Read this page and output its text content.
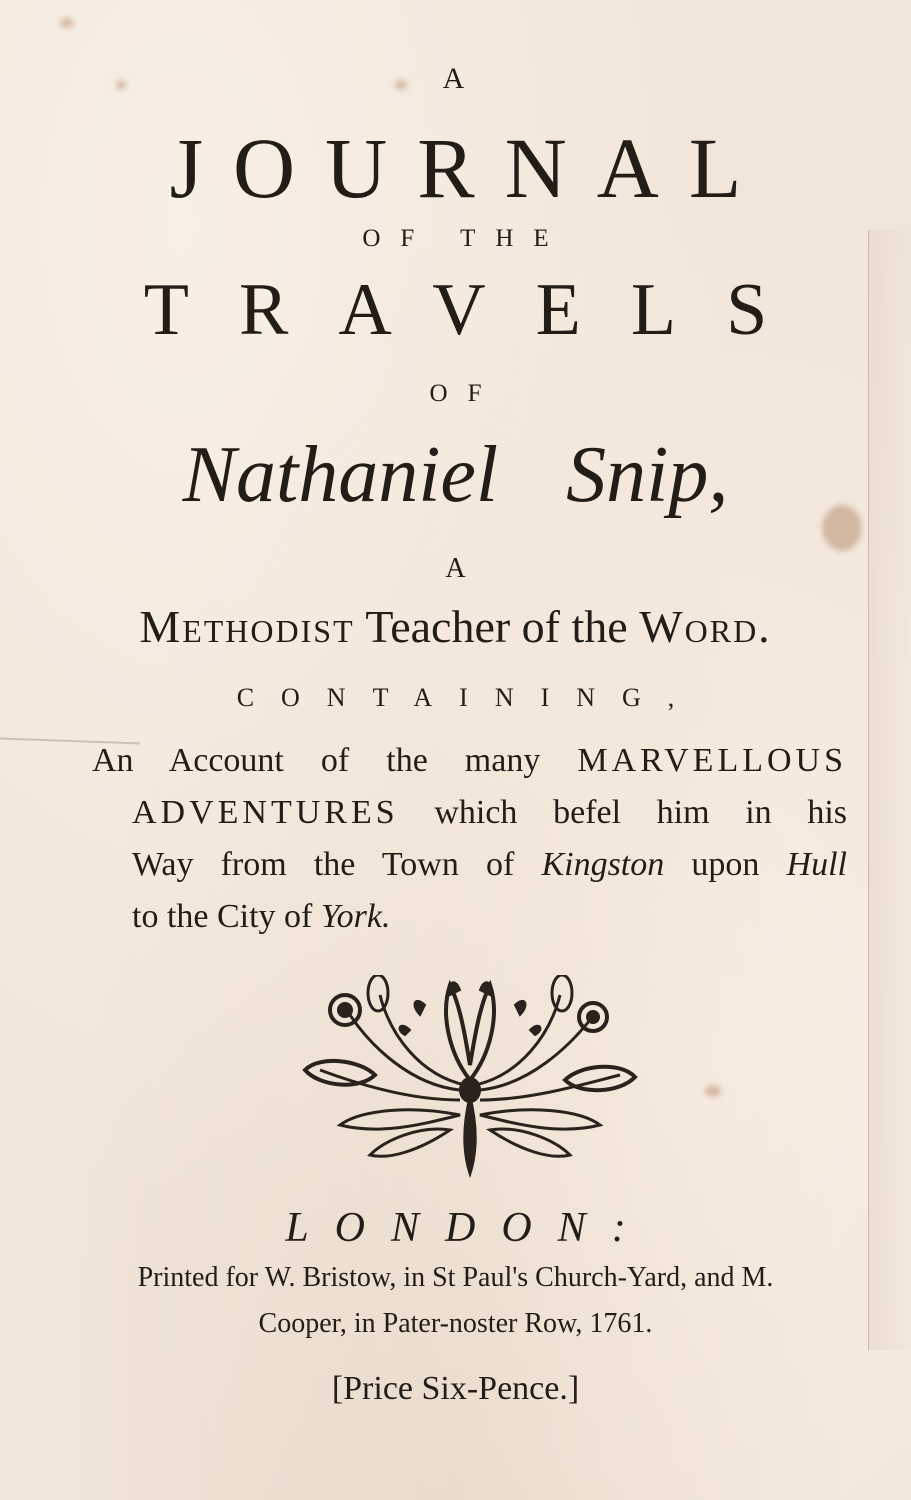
A
JOURNAL
OF THE
TRAVELS
OF
Nathaniel Snip,
A
Methodist Teacher of the Word.
CONTAINING,
An Account of the many MARVELLOUS
ADVENTURES which befel him in his
Way from the Town of Kingston upon Hull
to the City of York.
LONDON:
Printed for W. Bristow, in St Paul's Church-Yard, and M.
Cooper, in Pater-noster Row, 1761.
[Price Six-Pence.]
